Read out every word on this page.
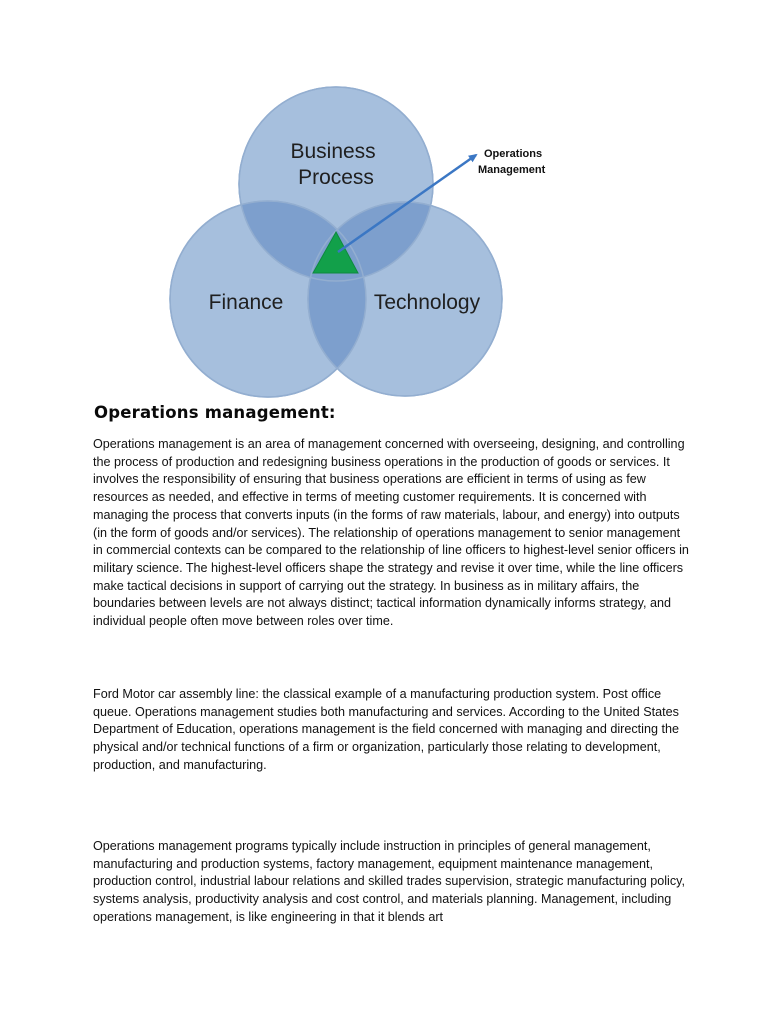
Business Process
Finance	Technology
Operations Management
Operations management:

Operations management is an area of management concerned with overseeing, designing, and controlling the process of production and redesigning business operations in the production of goods or services. It involves the responsibility of ensuring that business operations are efficient in terms of using as few resources as needed, and effective in terms of meeting customer requirements. It is concerned with managing the process that converts inputs (in the forms of raw materials, labour, and energy) into outputs (in the form of goods and/or services). The relationship of operations management to senior management in commercial contexts can be compared to the relationship of line officers to highest-level senior officers in military science. The highest-level officers shape the strategy and revise it over time, while the line officers make tactical decisions in support of carrying out the strategy. In business as in military affairs, the boundaries between levels are not always distinct; tactical information dynamically informs strategy, and individual people often move between roles over time.

Ford Motor car assembly line: the classical example of a manufacturing production system. Post office queue. Operations management studies both manufacturing and services. According to the United States Department of Education, operations management is the field concerned with managing and directing the physical and/or technical functions of a firm or organization, particularly those relating to development, production, and manufacturing.

Operations management programs typically include instruction in principles of general management, manufacturing and production systems, factory management, equipment maintenance management, production control, industrial labour relations and skilled trades supervision, strategic manufacturing policy, systems analysis, productivity analysis and cost control, and materials planning. Management, including operations management, is like engineering in that it blends art
